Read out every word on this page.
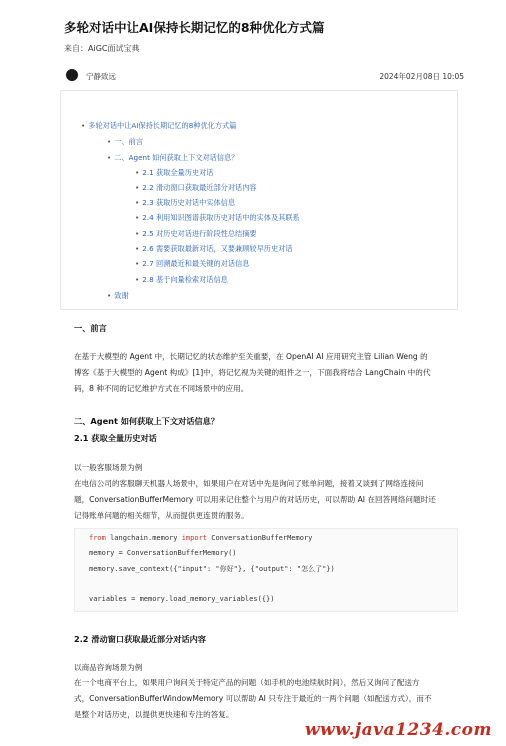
多轮对话中让AI保持长期记忆的8种优化方式篇
来自：AiGC面试宝典
宁静致远	2024年02月08日 10:05
• 多轮对话中让AI保持长期记忆的8种优化方式篇
• 一、前言
• 二、Agent 如何获取上下文对话信息？
• 2.1 获取全量历史对话
• 2.2 滑动窗口获取最近部分对话内容
• 2.3 获取历史对话中实体信息
• 2.4 利用知识图谱获取历史对话中的实体及其联系
• 2.5 对历史对话进行阶段性总结摘要
• 2.6 需要获取最新对话，又要兼顾较早历史对话
• 2.7 回溯最近和最关键的对话信息
• 2.8 基于向量检索对话信息
• 致谢
一、前言
在基于大模型的 Agent 中，长期记忆的状态维护至关重要，在 OpenAI AI 应用研究主管 Lilian Weng 的
博客《基于大模型的 Agent 构成》[1]中，将记忆视为关键的组件之一，下面我将结合 LangChain 中的代
码，8 种不同的记忆维护方式在不同场景中的应用。
二、Agent 如何获取上下文对话信息？
2.1 获取全量历史对话
以一般客服场景为例
在电信公司的客服聊天机器人场景中，如果用户在对话中先是询问了账单问题，接着又谈到了网络连接问
题，ConversationBufferMemory 可以用来记住整个与用户的对话历史，可以帮助 AI 在回答网络问题时还
记得账单问题的相关细节，从而提供更连贯的服务。
from langchain.memory import ConversationBufferMemory
memory = ConversationBufferMemory()
memory.save_context({"input": "你好"}, {"output": "怎么了"})
variables = memory.load_memory_variables({})
2.2 滑动窗口获取最近部分对话内容
以商品咨询场景为例
在一个电商平台上，如果用户询问关于特定产品的问题（如手机的电池续航时间），然后又询问了配送方
式，ConversationBufferWindowMemory 可以帮助 AI 只专注于最近的一两个问题（如配送方式），而不
是整个对话历史，以提供更快速和专注的答复。
www.java1234.com
